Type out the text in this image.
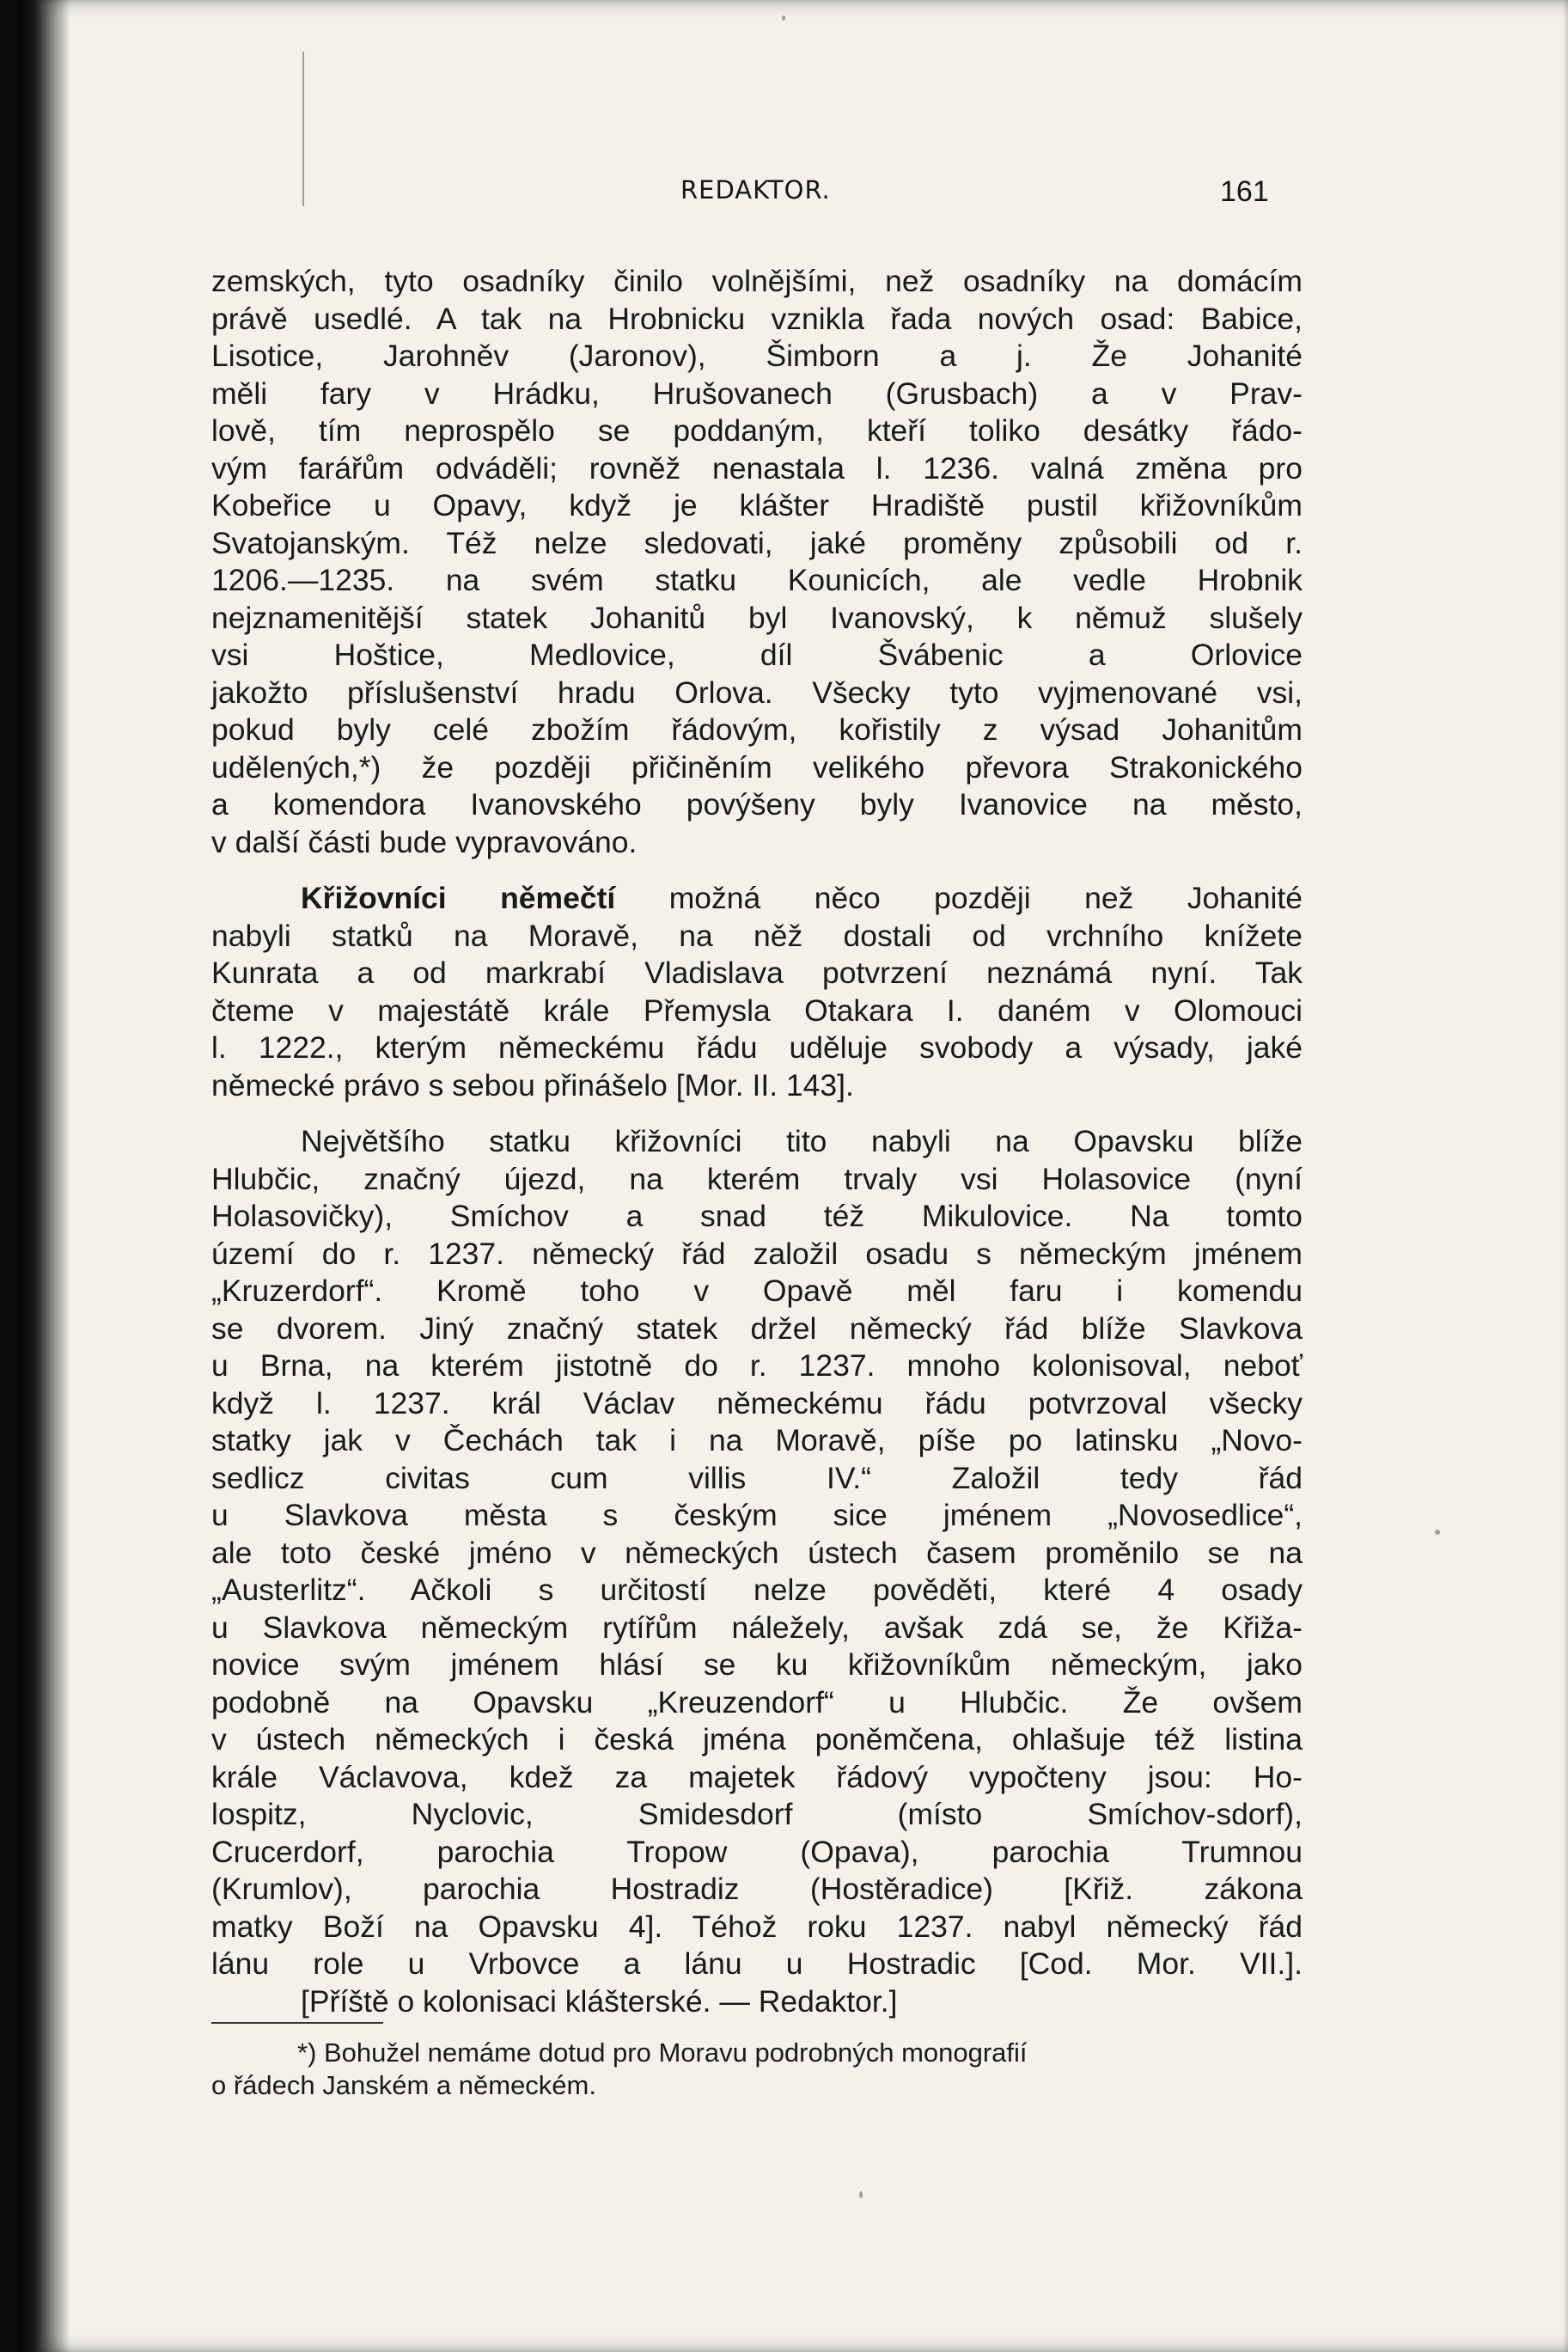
REDAKTOR.	161
zemských, tyto osadníky činilo volnějšími, než osadníky na domácím
právě usedlé. A tak na Hrobnicku vznikla řada nových osad: Babice,
Lisotice, Jarohněv (Jaronov), Šimborn a j. Že Johanité
měli fary v Hrádku, Hrušovanech (Grusbach) a v Prav-
lově, tím neprospělo se poddaným, kteří toliko desátky řádo-
vým farářům odváděli; rovněž nenastala l. 1236. valná změna pro
Kobeřice u Opavy, když je klášter Hradiště pustil křižovníkům
Svatojanským. Též nelze sledovati, jaké proměny způsobili od r.
1206.—1235. na svém statku Kounicích, ale vedle Hrobnik
nejznamenitější statek Johanitů byl Ivanovský, k němuž slušely
vsi Hoštice, Medlovice, díl Švábenic a Orlovice
jakožto příslušenství hradu Orlova. Všecky tyto vyjmenované vsi,
pokud byly celé zbožím řádovým, kořistily z výsad Johanitům
udělených,*) že později přičiněním velikého převora Strakonického
a komendora Ivanovského povýšeny byly Ivanovice na město,
v další části bude vypravováno.
Křižovníci němečtí možná něco později než Johanité
nabyli statků na Moravě, na něž dostali od vrchního knížete
Kunrata a od markrabí Vladislava potvrzení neznámá nyní. Tak
čteme v majestátě krále Přemysla Otakara I. daném v Olomouci
l. 1222., kterým německému řádu uděluje svobody a výsady, jaké
německé právo s sebou přinášelo [Mor. II. 143].
Největšího statku křižovníci tito nabyli na Opavsku blíže
Hlubčic, značný újezd, na kterém trvaly vsi Holasovice (nyní
Holasovičky), Smíchov a snad též Mikulovice. Na tomto
území do r. 1237. německý řád založil osadu s německým jménem
„Kruzerdorf“. Kromě toho v Opavě měl faru i komendu
se dvorem. Jiný značný statek držel německý řád blíže Slavkova
u Brna, na kterém jistotně do r. 1237. mnoho kolonisoval, neboť
když l. 1237. král Václav německému řádu potvrzoval všecky
statky jak v Čechách tak i na Moravě, píše po latinsku „Novo-
sedlicz civitas cum villis IV.“ Založil tedy řád
u Slavkova města s českým sice jménem „Novosedlice“,
ale toto české jméno v německých ústech časem proměnilo se na
„Austerlitz“. Ačkoli s určitostí nelze pověděti, které 4 osady
u Slavkova německým rytířům náležely, avšak zdá se, že Křiža-
novice svým jménem hlásí se ku křižovníkům německým, jako
podobně na Opavsku „Kreuzendorf“ u Hlubčic. Že ovšem
v ústech německých i česká jména poněmčena, ohlašuje též listina
krále Václavova, kdež za majetek řádový vypočteny jsou: Ho-
lospitz, Nyclovic, Smidesdorf (místo Smíchov-sdorf),
Crucerdorf, parochia Tropow (Opava), parochia Trumnou
(Krumlov), parochia Hostradiz (Hostěradice) [Křiž. zákona
matky Boží na Opavsku 4]. Téhož roku 1237. nabyl německý řád
lánu role u Vrbovce a lánu u Hostradic [Cod. Mor. VII.].
[Příště o kolonisaci klášterské. — Redaktor.]
*) Bohužel nemáme dotud pro Moravu podrobných monografií
o řádech Janském a německém.
